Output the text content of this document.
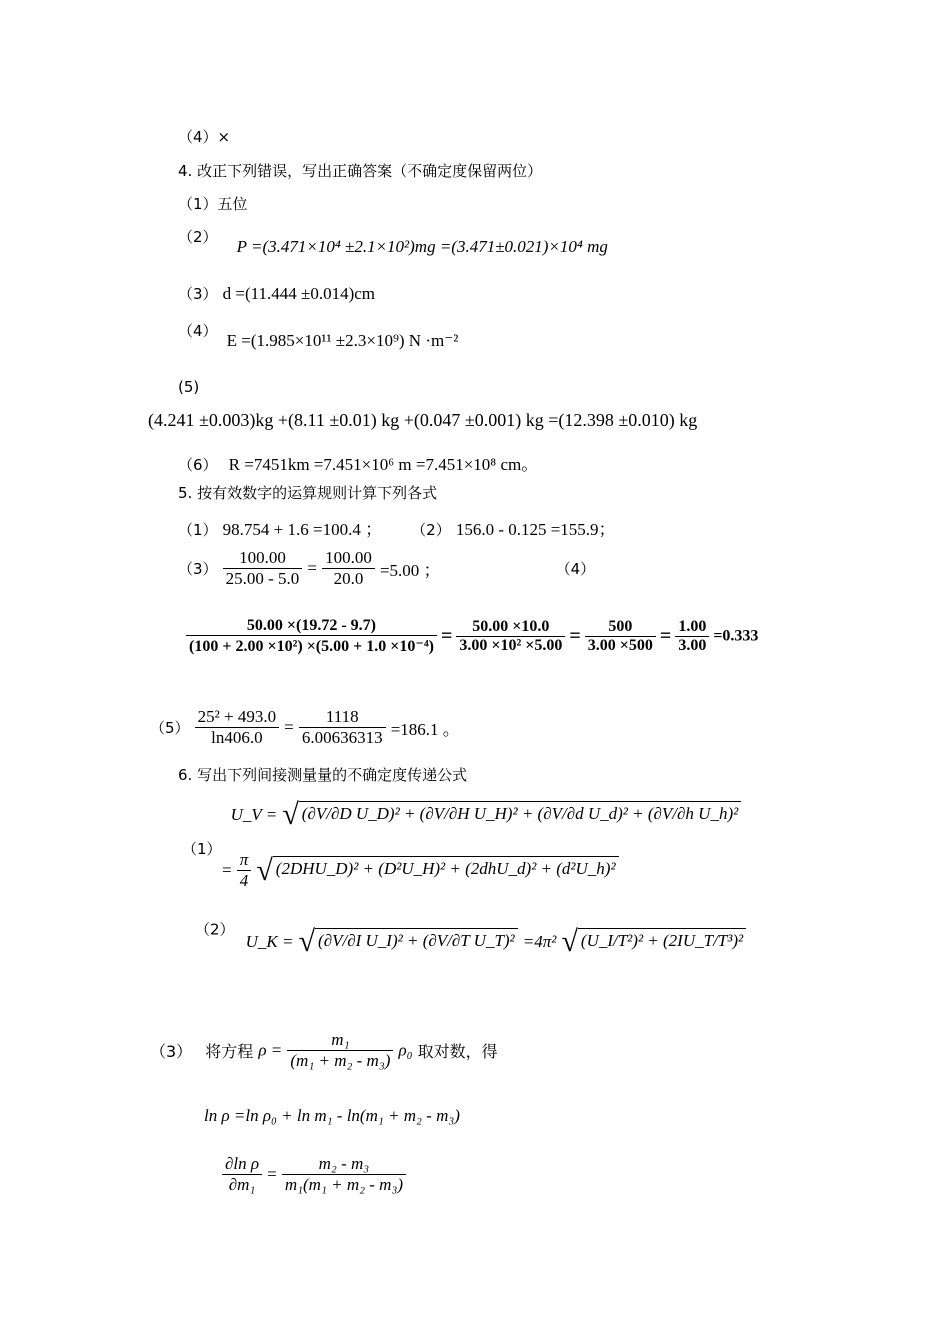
（4）×
4. 改正下列错误，写出正确答案（不确定度保留两位）
（1）五位
（2） P =(3.471×10⁴ ±2.1×10²)mg =(3.471±0.021)×10⁴ mg
（3） d =(11.444 ±0.014)cm
（4） E =(1.985×10¹¹ ±2.3×10⁹) N ·m⁻²
(5)
(4.241 ±0.003)kg +(8.11 ±0.01) kg +(0.047 ±0.001) kg =(12.398 ±0.010) kg
（6） R =7451km =7.451×10⁶ m =7.451×10⁸ cm。
5. 按有效数字的运算规则计算下列各式
（1） 98.754 + 1.6 =100.4 ； （2） 156.0 - 0.125 =155.9；
$(3) \frac{100.00}{25.00 - 5.0} = \frac{100.00}{20.0} =5.00$ ；	（4）
$\frac{50.00 \times(19.72 - 9.7)}{\text{(100 + 2.00 ×10²) ×(5.00 + 1.0 ×10⁻⁴)}} = \frac{50.00 \times 10.0}{\text{3.00 ×10² ×5.00}} = \frac{500}{3.00 \times 500} = \frac{1.00}{3.00} =0.333$
$(5) \frac{\text{25² + 493.0}}{\ln 406.0} = \frac{1118}{6.00636313} =186.1$ 。
6. 写出下列间接测量量的不确定度传递公式
（1） U_V = √ (∂V/∂D U_D)² + (∂V/∂H U_H)² + (∂V/∂d U_d)² + (∂V/∂h U_h)²
= $\frac{\pi}{4}$ √ (2DHU_D)² + (D²U_H)² + (2dhU_d)² + (d²U_h)²
（2） U_K = √ (∂V/∂I U_I)² + (∂V/∂T U_T)² =4π² √ (U_I/T²)² + (2IU_T/T³)²
（3） 将方程 $\rho = \frac{\text{m₁}}{\text{(m₁ + m₂ - m₃)}} \rho_0$ 取对数，得
ln ρ =ln ρ₀ + ln m₁ - ln(m₁ + m₂ - m₃)
$\frac{\text{∂ln ρ}}{\text{∂m₁}} = \frac{\text{m₂ - m₃}}{\text{m₁(m₁ + m₂ - m₃)}}$
